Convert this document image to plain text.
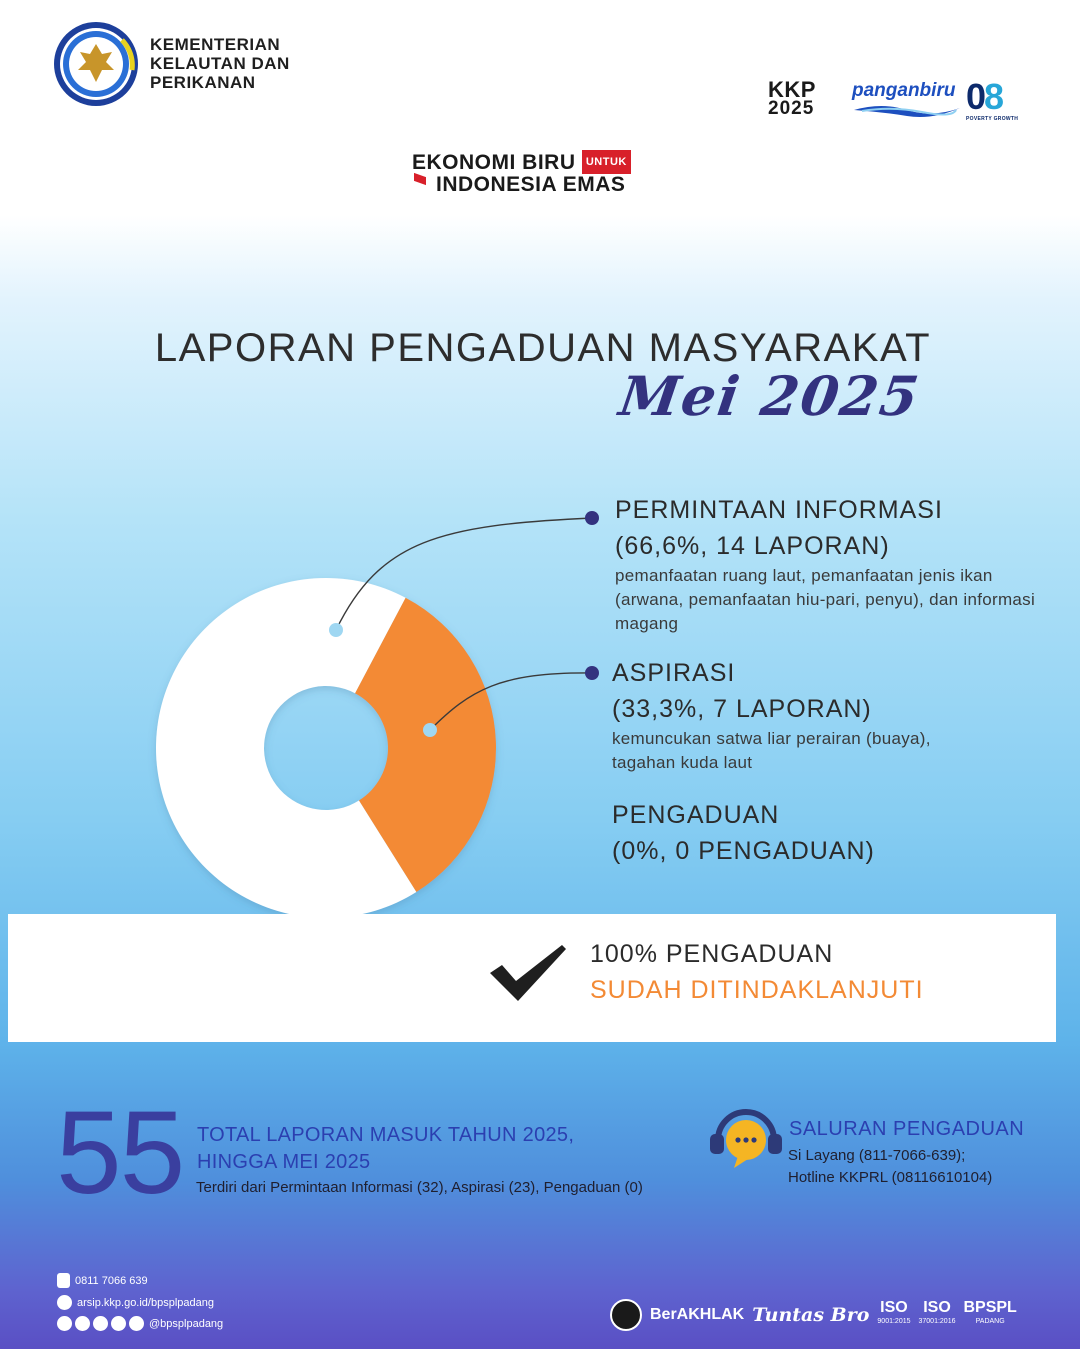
KEMENTERIAN
KELAUTAN DAN
PERIKANAN	KKP
2025
panganbiru 08
POVERTY GROWTH
EKONOMI BIRU UNTUK
INDONESIA EMAS
LAPORAN PENGADUAN MASYARAKAT
Mei 2025
PERMINTAAN INFORMASI
(66,6%, 14 LAPORAN)
pemanfaatan ruang laut, pemanfaatan jenis ikan (arwana, pemanfaatan hiu-pari, penyu), dan informasi magang
ASPIRASI
(33,3%, 7 LAPORAN)
kemuncukan satwa liar perairan (buaya), tagahan kuda laut
PENGADUAN
(0%, 0 PENGADUAN)
100% PENGADUAN
SUDAH DITINDAKLANJUTI
55 TOTAL LAPORAN MASUK TAHUN 2025,
HINGGA MEI 2025
Terdiri dari Permintaan Informasi (32), Aspirasi (23), Pengaduan (0)
SALURAN PENGADUAN
Si Layang (811-7066-639);
Hotline KKPRL (08116610104)
0811 7066 639
arsip.kkp.go.id/bpsplpadang
@bpsplpadang
BerAKHLAK Tuntas Bro ISO
9001:2015
ISO
37001:2016
BPSPL
PADANG
